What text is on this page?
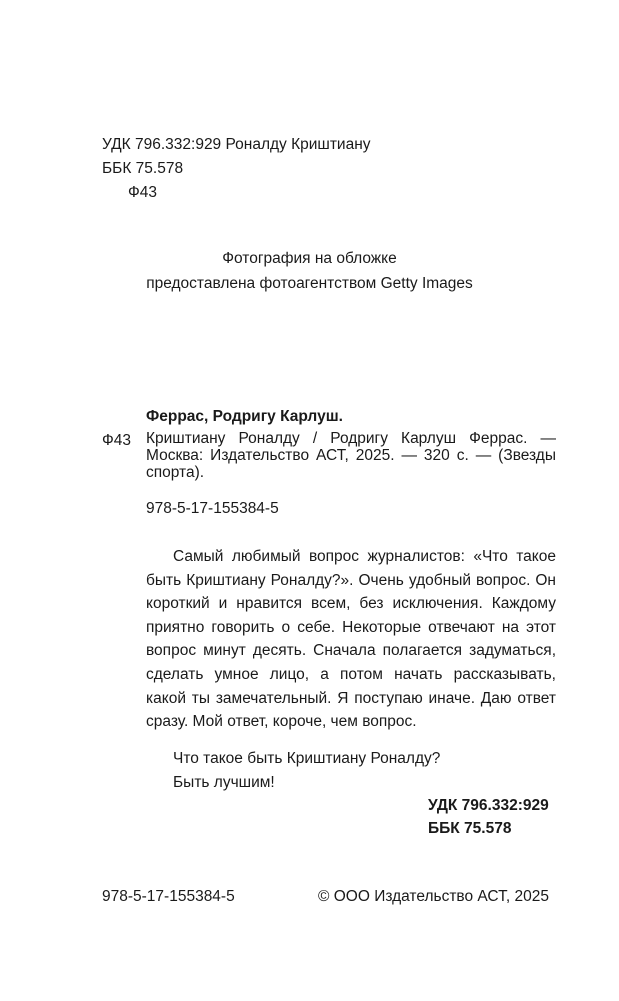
УДК 796.332:929 Роналду Криштиану
ББК 75.578
Ф43
Фотография на обложке
предоставлена фотоагентством Getty Images
Феррас, Родригу Карлуш.
Ф43 Криштиану Роналду / Родригу Карлуш Феррас. —
Москва: Издательство АСТ, 2025. — 320 с. — (Звезды
спорта).
978-5-17-155384-5
Самый любимый вопрос журналистов: «Что такое
быть Криштиану Роналду?». Очень удобный вопрос. Он
короткий и нравится всем, без исключения. Каждому
приятно говорить о себе. Некоторые отвечают на этот
вопрос минут десять. Сначала полагается задуматься,
сделать умное лицо, а потом начать рассказывать,
какой ты замечательный. Я поступаю иначе. Даю ответ
сразу. Мой ответ, короче, чем вопрос.
Что такое быть Криштиану Роналду?
Быть лучшим!
УДК 796.332:929
ББК 75.578
978-5-17-155384-5	© ООО Издательство АСТ, 2025
